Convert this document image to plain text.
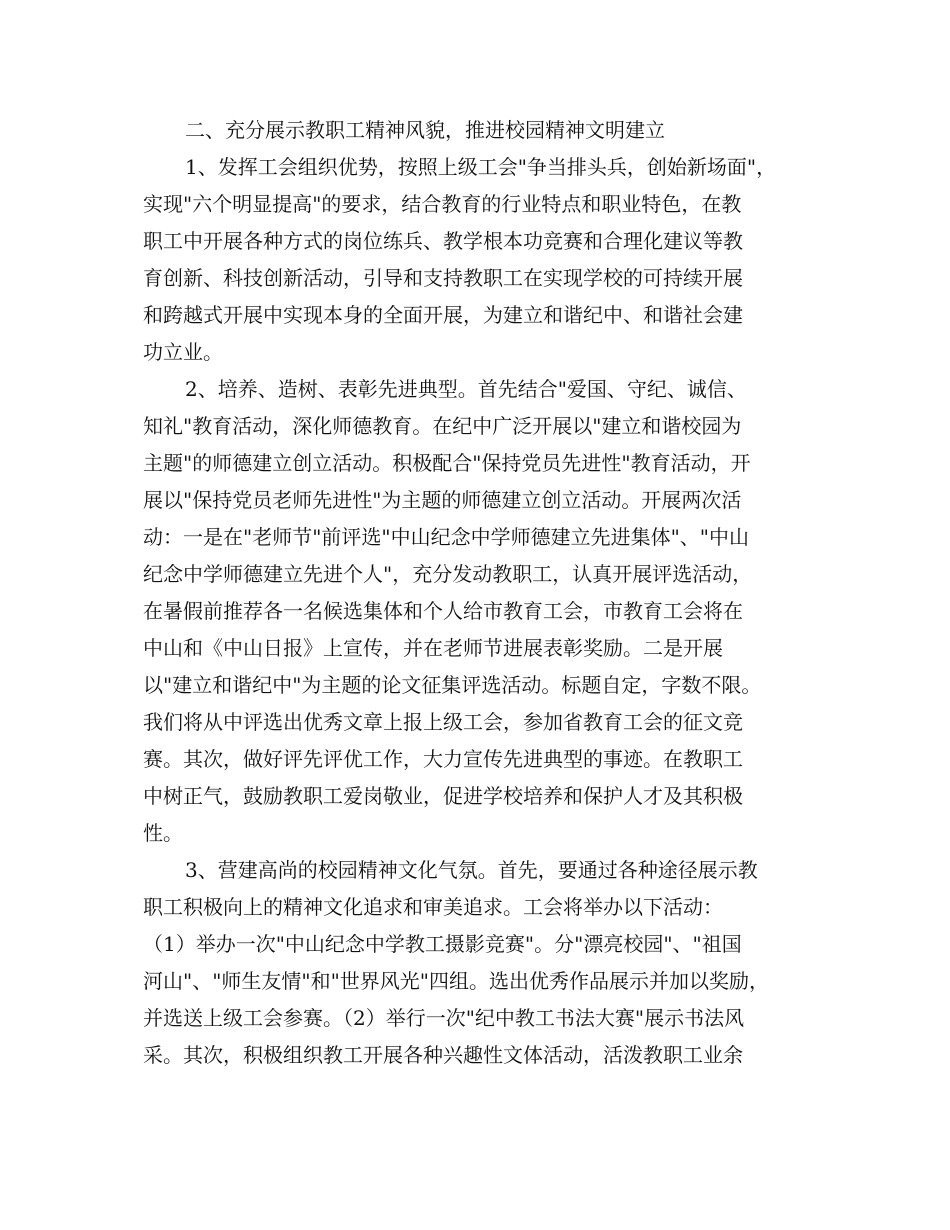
二、充分展示教职工精神风貌，推进校园精神文明建立
1、发挥工会组织优势，按照上级工会"争当排头兵，创始新场面"，
实现"六个明显提高"的要求，结合教育的行业特点和职业特色，在教
职工中开展各种方式的岗位练兵、教学根本功竞赛和合理化建议等教
育创新、科技创新活动，引导和支持教职工在实现学校的可持续开展
和跨越式开展中实现本身的全面开展，为建立和谐纪中、和谐社会建
功立业。
2、培养、造树、表彰先进典型。首先结合"爱国、守纪、诚信、
知礼"教育活动，深化师德教育。在纪中广泛开展以"建立和谐校园为
主题"的师德建立创立活动。积极配合"保持党员先进性"教育活动，开
展以"保持党员老师先进性"为主题的师德建立创立活动。开展两次活
动：一是在"老师节"前评选"中山纪念中学师德建立先进集体"、"中山
纪念中学师德建立先进个人"，充分发动教职工，认真开展评选活动，
在暑假前推荐各一名候选集体和个人给市教育工会，市教育工会将在
中山和《中山日报》上宣传，并在老师节进展表彰奖励。二是开展
以"建立和谐纪中"为主题的论文征集评选活动。标题自定，字数不限。
我们将从中评选出优秀文章上报上级工会，参加省教育工会的征文竞
赛。其次，做好评先评优工作，大力宣传先进典型的事迹。在教职工
中树正气，鼓励教职工爱岗敬业，促进学校培养和保护人才及其积极
性。
3、营建高尚的校园精神文化气氛。首先，要通过各种途径展示教
职工积极向上的精神文化追求和审美追求。工会将举办以下活动：
（1）举办一次"中山纪念中学教工摄影竞赛"。分"漂亮校园"、"祖国
河山"、"师生友情"和"世界风光"四组。选出优秀作品展示并加以奖励，
并选送上级工会参赛。（2）举行一次"纪中教工书法大赛"展示书法风
采。其次，积极组织教工开展各种兴趣性文体活动，活泼教职工业余
